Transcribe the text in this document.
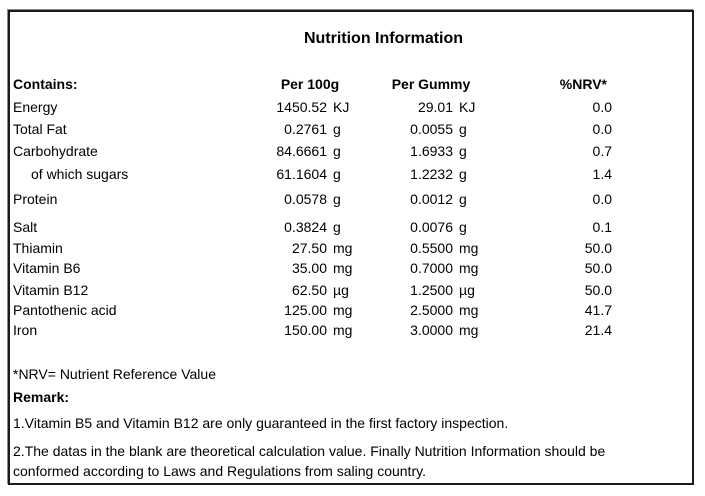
Nutrition Information
Contains:	Per 100g	Per Gummy	%NRV*
Energy	1450.52 KJ	29.01 KJ	0.0
Total Fat	0.2761 g	0.0055 g	0.0
Carbohydrate	84.6661 g	1.6933 g	0.7
of which sugars	61.1604 g	1.2232 g	1.4
Protein	0.0578 g	0.0012 g	0.0
Salt	0.3824 g	0.0076 g	0.1
Thiamin	27.50 mg	0.5500 mg	50.0
Vitamin B6	35.00 mg	0.7000 mg	50.0
Vitamin B12	62.50 µg	1.2500 µg	50.0
Pantothenic acid	125.00 mg	2.5000 mg	41.7
Iron	150.00 mg	3.0000 mg	21.4
*NRV= Nutrient Reference Value
Remark:
1.Vitamin B5 and Vitamin B12 are only guaranteed in the first factory inspection.
2.The datas in the blank are theoretical calculation value. Finally Nutrition Information should be
conformed according to Laws and Regulations from saling country.
